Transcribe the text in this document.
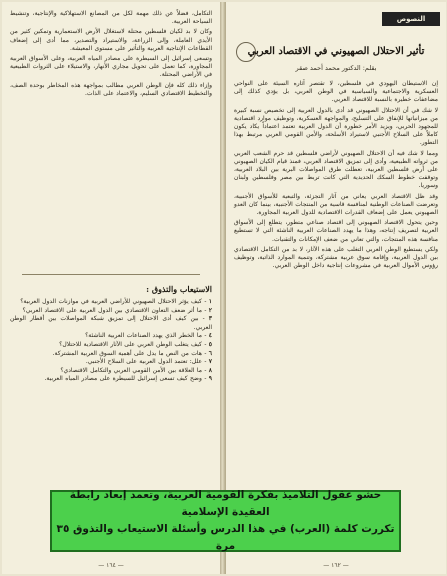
التكامل، فضلاً عن ذلك مهمة لكل من المصانع الاستهلاكية والإنتاجية، وتنشيط السياحة العربية.

وكان لا بد لكيان فلسطين محتلة لاستغلال الأرض الاستعمارية وتمكين كثير من الأيدي العاملة، وإلى الزراعة، والاستيراد والتصدير، مما أدى إلى إضعاف القطاعات الإنتاجية العربية والتأثير على مستوى المعيشة.

وتسعى إسرائيل إلى السيطرة على مصادر المياه العربية، وعلى الأسواق العربية المجاورة، كما تعمل على تحويل مجاري الأنهار، والاستيلاء على الثروات الطبيعية في الأراضي المحتلة.

وإزاء ذلك كله فإن الوطن العربي مطالب بمواجهة هذه المخاطر بوحدة الصف، والتخطيط الاقتصادي السليم، والاعتماد على الذات.

الاستيعاب والتذوق :
١ - كيف يؤثر الاحتلال الصهيوني للأراضي العربية في موازنات الدول العربية؟
٢ - ما أثر ضعف التعاون الاقتصادي بين الدول العربية على الاقتصاد العربي؟
٣ - بين كيف أدى الاحتلال إلى تمزيق شبكة المواصلات بين أقطار الوطن العربي.
٤ - ما الخطر الذي يهدد الصناعات العربية الناشئة؟
٥ - كيف يتغلب الوطن العربي على الآثار الاقتصادية للاحتلال؟
٦ - هات من النص ما يدل على أهمية السوق العربية المشتركة.
٧ - علل: تعتمد الدول العربية على السلاح الأجنبي.
٨ - ما العلاقة بين الأمن القومي العربي والتكامل الاقتصادي؟
٩ - وضح كيف تسعى إسرائيل للسيطرة على مصادر المياه العربية.
— ١٦٤ —
النصوص
تأثير الاحتلال الصهيوني في الاقتصاد العربي
بقلم: الدكتور محمد أحمد صقر

إن الاستيطان اليهودي في فلسطين، لا تقتصر آثاره السيئة على النواحي العسكرية والاجتماعية والسياسية في الوطن العربي، بل يؤدي كذلك إلى مضاعفات خطيرة بالنسبة للاقتصاد العربي.

لا شك في أن الاحتلال الصهيوني قد أدى بالدول العربية إلى تخصيص نسبة كبيرة من ميزانياتها للإنفاق على التسليح، والمواجهة العسكرية، وتوظيف موارد اقتصادية للمجهود الحربي، ويزيد الأمر خطورة أن الدول العربية تعتمد اعتماداً يكاد يكون كاملاً على السلاح الأجنبي لاستيراد الأسلحة، والأمن القومي العربي مرتبط بهذا التطور.

ومما لا شك فيه أن الاحتلال الصهيوني لأراضي فلسطين قد حرم الشعب العربي من ثرواته الطبيعية، وأدى إلى تمزيق الاقتصاد العربي، فمنذ قيام الكيان الصهيوني على أرض فلسطين العربية، تعطلت طرق المواصلات البرية بين البلاد العربية، وتوقفت خطوط السكك الحديدية التي كانت تربط بين مصر وفلسطين ولبنان وسوريا.

وقد ظل الاقتصاد العربي يعاني من آثار التجزئة، والتبعية للأسواق الأجنبية، وتعرضت الصناعات الوطنية لمنافسة قاسية من المنتجات الأجنبية، بينما كان العدو الصهيوني يعمل على إضعاف القدرات الاقتصادية للدول العربية المجاورة.

وحين يتحول الاقتصاد الصهيوني إلى اقتصاد صناعي متطور، يتطلع إلى الأسواق العربية لتصريف إنتاجه، وهذا ما يهدد الصناعات العربية الناشئة التي لا تستطيع منافسة هذه المنتجات، والتي تعاني من ضعف الإمكانات والتقنيات.

ولكي يستطيع الوطن العربي التغلب على هذه الآثار، لا بد من التكامل الاقتصادي بين الدول العربية، وإقامة سوق عربية مشتركة، وتنمية الموارد الذاتية، وتوظيف رؤوس الأموال العربية في مشروعات إنتاجية داخل الوطن العربي.

— ١٦٢ —
حشو عقول التلاميذ بفكرة القومية العربية، وتعمد إبعاد رابطة العقيدة الإسلامية
تكررت كلمة (العرب) في هذا الدرس وأسئلة الاستيعاب والتذوق ٣٥ مرة
